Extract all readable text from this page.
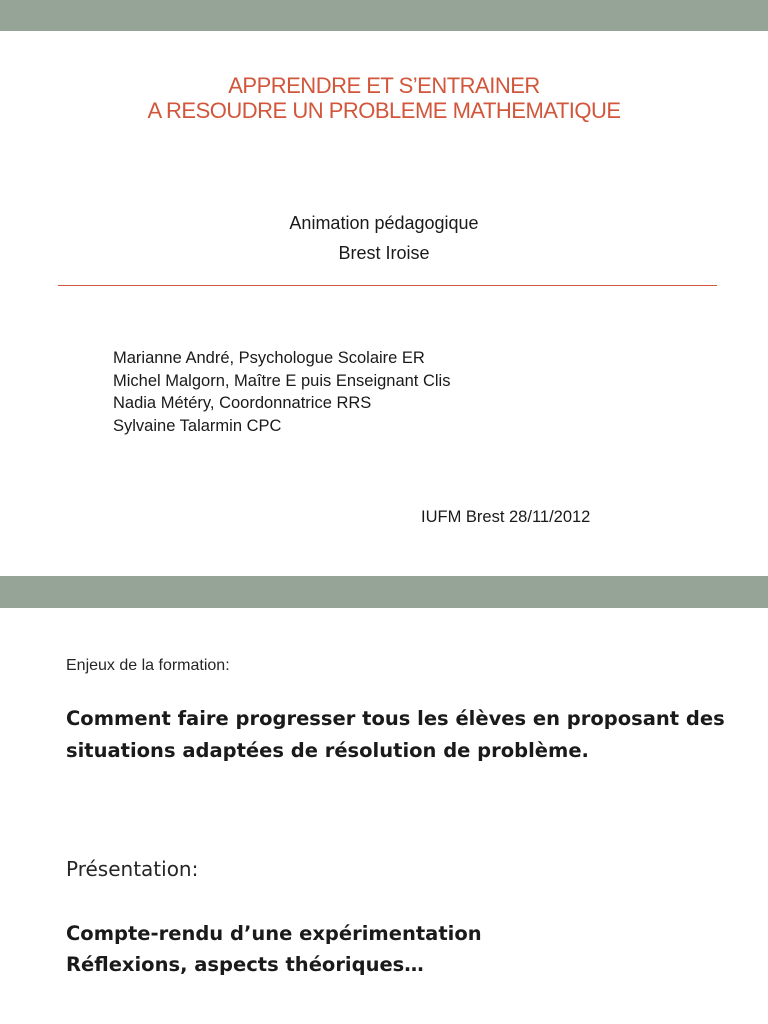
APPRENDRE ET S’ENTRAINER
A RESOUDRE UN PROBLEME MATHEMATIQUE
Animation pédagogique
Brest Iroise
Marianne André, Psychologue Scolaire ER
Michel Malgorn, Maître E puis Enseignant Clis
Nadia Météry, Coordonnatrice RRS
Sylvaine Talarmin CPC
IUFM Brest 28/11/2012
Enjeux de la formation:
Comment faire progresser tous les élèves en proposant des
situations adaptées de résolution de problème.
Présentation:
Compte-rendu d’une expérimentation
Réflexions, aspects théoriques…
